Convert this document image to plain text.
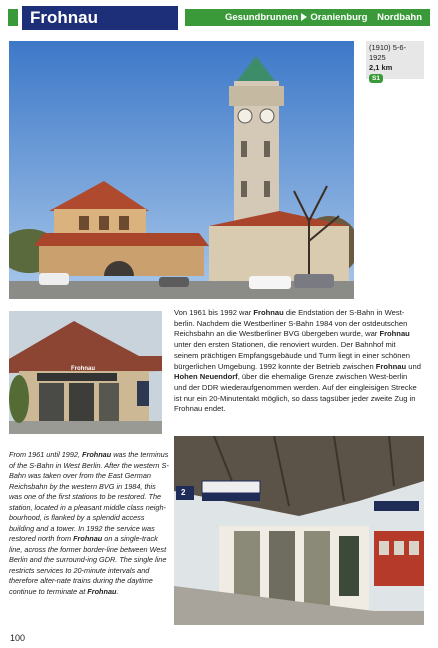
Frohnau	Gesundbrunnen Oranienburg Nordbahn
(1910) 5-6-1925
2,1 km
S1
Frohnau
2
Von 1961 bis 1992 war Frohnau die Endstation der S-Bahn in West-berlin. Nachdem die Westberliner S-Bahn 1984 von der ostdeutschen Reichsbahn an die Westberliner BVG übergeben wurde, war Frohnau unter den ersten Stationen, die renoviert wurden. Der Bahnhof mit seinem prächtigen Empfangsgebäude und Turm liegt in einer schönen bürgerlichen Umgebung. 1992 konnte der Betrieb zwischen Frohnau und Hohen Neuendorf, über die ehemalige Grenze zwischen West-berlin und der DDR wiederaufgenommen werden. Auf der eingleisigen Strecke ist nur ein 20-Minutentakt möglich, so dass tagsüber jeder zweite Zug in Frohnau endet.
From 1961 until 1992, Frohnau was the terminus of the S-Bahn in West Berlin. After the western S-Bahn was taken over from the East German Reichsbahn by the western BVG in 1984, this was one of the first stations to be restored. The station, located in a pleasant middle class neigh-bourhood, is flanked by a splendid access building and a tower. In 1992 the service was restored north from Frohnau on a single-track line, across the former border-line between West Berlin and the surround-ing GDR. The single line restricts services to 20-minute intervals and therefore alter-nate trains during the daytime continue to terminate at Frohnau.
100
